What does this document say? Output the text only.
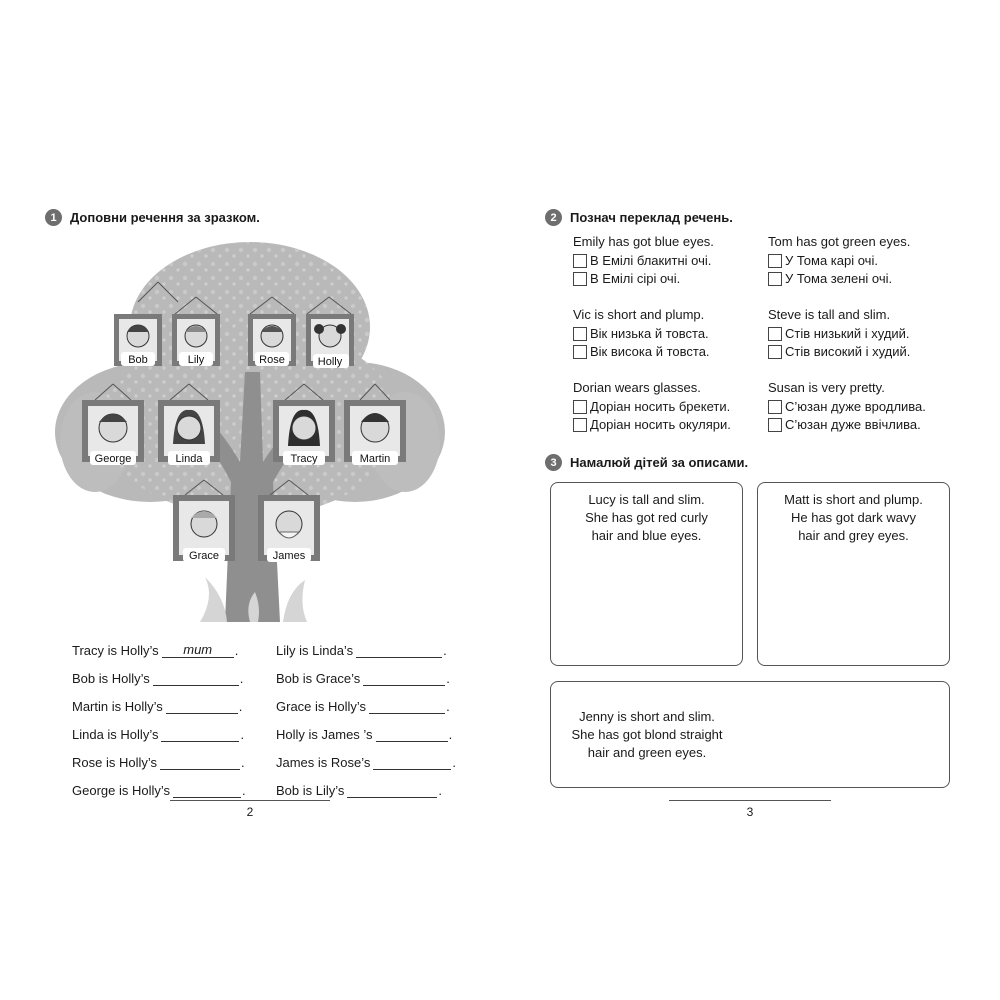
1	Доповни речення за зразком.
Bob	Lily	Rose	Holly
George	Linda	Tracy	Martin
Grace	James
Tracy is Holly’s	mum	.
Bob is Holly’s	.
Martin is Holly’s	.
Linda is Holly’s	.
Rose is Holly’s	.
George is Holly’s	.
Lily is Linda’s	.
Bob is Grace’s	.
Grace is Holly’s	.
Holly is James ’s	.
James is Rose’s	.
Bob is Lily’s	.
2
2	Познач переклад речень.
Emily has got blue eyes.
В Емілі блакитні очі.
В Емілі сірі очі.
Tom has got green eyes.
У Тома карі очі.
У Тома зелені очі.
Vic is short and plump.
Вік низька й товста.
Вік висока й товста.
Steve is tall and slim.
Стів низький і худий.
Стів високий і худий.
Dorian wears glasses.
Доріан носить брекети.
Доріан носить окуляри.
Susan is very pretty.
С’юзан дуже вродлива.
С’юзан дуже ввічлива.
3	Намалюй дітей за описами.
Lucy is tall and slim.
She has got red curly
hair and blue eyes.
Matt is short and plump.
He has got dark wavy
hair and grey eyes.
Jenny is short and slim.
She has got blond straight
hair and green eyes.
3
